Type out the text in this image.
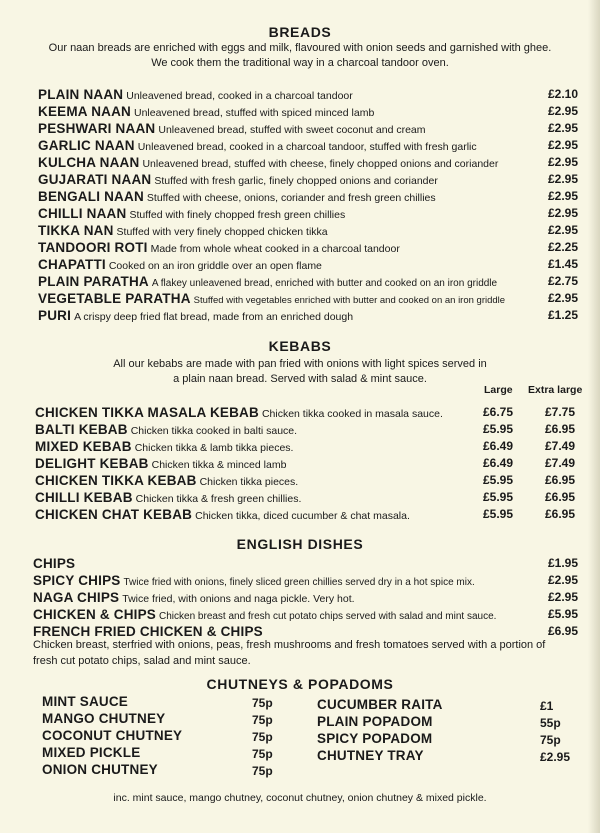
BREADS
Our naan breads are enriched with eggs and milk, flavoured with onion seeds and garnished with ghee. We cook them the traditional way in a charcoal tandoor oven.
PLAIN NAAN Unleavened bread, cooked in a charcoal tandoor	£2.10
KEEMA NAAN Unleavened bread, stuffed with spiced minced lamb	£2.95
PESHWARI NAAN Unleavened bread, stuffed with sweet coconut and cream	£2.95
GARLIC NAAN Unleavened bread, cooked in a charcoal tandoor, stuffed with fresh garlic	£2.95
KULCHA NAAN Unleavened bread, stuffed with cheese, finely chopped onions and coriander	£2.95
GUJARATI NAAN Stuffed with fresh garlic, finely chopped onions and coriander	£2.95
BENGALI NAAN Stuffed with cheese, onions, coriander and fresh green chillies	£2.95
CHILLI NAAN Stuffed with finely chopped fresh green chillies	£2.95
TIKKA NAN Stuffed with very finely chopped chicken tikka	£2.95
TANDOORI ROTI Made from whole wheat cooked in a charcoal tandoor	£2.25
CHAPATTI Cooked on an iron griddle over an open flame	£1.45
PLAIN PARATHA A flakey unleavened bread, enriched with butter and cooked on an iron griddle	£2.75
VEGETABLE PARATHA Stuffed with vegetables enriched with butter and cooked on an iron griddle	£2.95
PURI A crispy deep fried flat bread, made from an enriched dough	£1.25
KEBABS
All our kebabs are made with pan fried with onions with light spices served in a plain naan bread. Served with salad & mint sauce.
Large Extra large
CHICKEN TIKKA MASALA KEBAB Chicken tikka cooked in masala sauce.	£6.75	£7.75
BALTI KEBAB Chicken tikka cooked in balti sauce.	£5.95	£6.95
MIXED KEBAB Chicken tikka & lamb tikka pieces.	£6.49	£7.49
DELIGHT KEBAB Chicken tikka & minced lamb	£6.49	£7.49
CHICKEN TIKKA KEBAB Chicken tikka pieces.	£5.95	£6.95
CHILLI KEBAB Chicken tikka & fresh green chillies.	£5.95	£6.95
CHICKEN CHAT KEBAB Chicken tikka, diced cucumber & chat masala.	£5.95	£6.95
ENGLISH DISHES
CHIPS	£1.95
SPICY CHIPS Twice fried with onions, finely sliced green chillies served dry in a hot spice mix.	£2.95
NAGA CHIPS Twice fried, with onions and naga pickle. Very hot.	£2.95
CHICKEN & CHIPS Chicken breast and fresh cut potato chips served with salad and mint sauce.	£5.95
FRENCH FRIED CHICKEN & CHIPS	£6.95
Chicken breast, sterfried with onions, peas, fresh mushrooms and fresh tomatoes served with a portion of fresh cut potato chips, salad and mint sauce.
CHUTNEYS & POPADOMS
MINT SAUCE	75p
MANGO CHUTNEY	75p
COCONUT CHUTNEY	75p
MIXED PICKLE	75p
ONION CHUTNEY	75p
CUCUMBER RAITA	£1
PLAIN POPADOM	55p
SPICY POPADOM	75p
CHUTNEY TRAY	£2.95
inc. mint sauce, mango chutney, coconut chutney, onion chutney & mixed pickle.
